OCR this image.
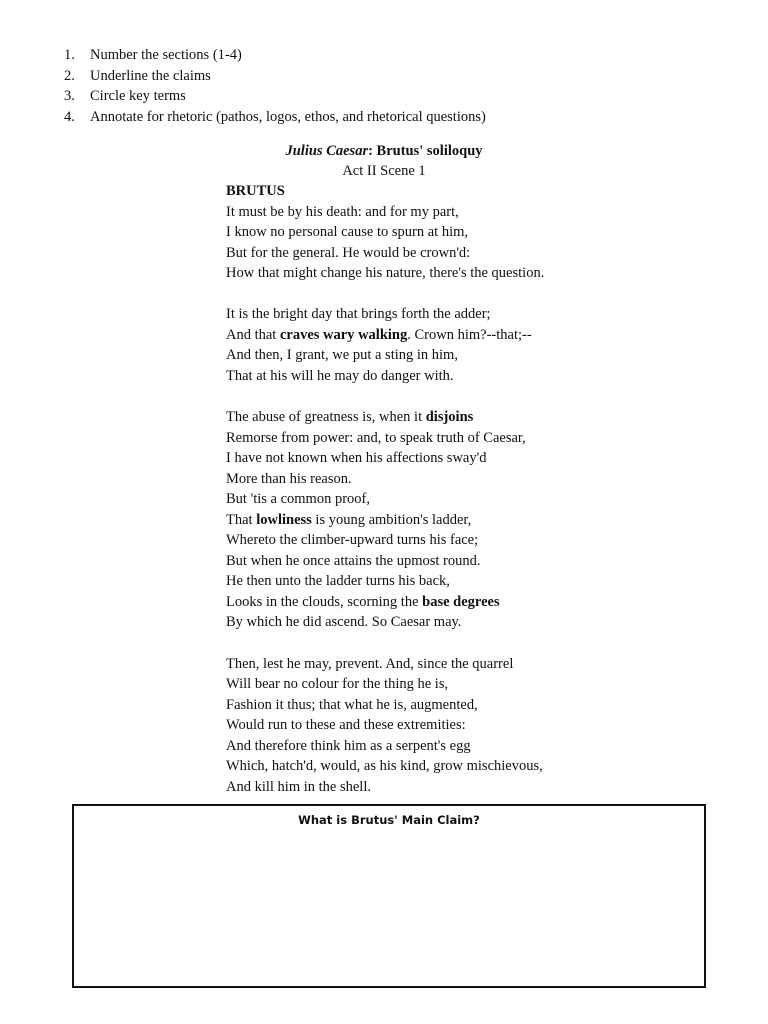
1.	Number the sections (1-4)
2.	Underline the claims
3.	Circle key terms
4.	Annotate for rhetoric (pathos, logos, ethos, and rhetorical questions)
Julius Caesar: Brutus' soliloquy
Act II Scene 1
BRUTUS
It must be by his death: and for my part,
I know no personal cause to spurn at him,
But for the general. He would be crown'd:
How that might change his nature, there's the question.
It is the bright day that brings forth the adder;
And that craves wary walking. Crown him?--that;--
And then, I grant, we put a sting in him,
That at his will he may do danger with.
The abuse of greatness is, when it disjoins
Remorse from power: and, to speak truth of Caesar,
I have not known when his affections sway'd
More than his reason.
But 'tis a common proof,
That lowliness is young ambition's ladder,
Whereto the climber-upward turns his face;
But when he once attains the upmost round.
He then unto the ladder turns his back,
Looks in the clouds, scorning the base degrees
By which he did ascend. So Caesar may.
Then, lest he may, prevent. And, since the quarrel
Will bear no colour for the thing he is,
Fashion it thus; that what he is, augmented,
Would run to these and these extremities:
And therefore think him as a serpent's egg
Which, hatch'd, would, as his kind, grow mischievous,
And kill him in the shell.
What is Brutus' Main Claim?
